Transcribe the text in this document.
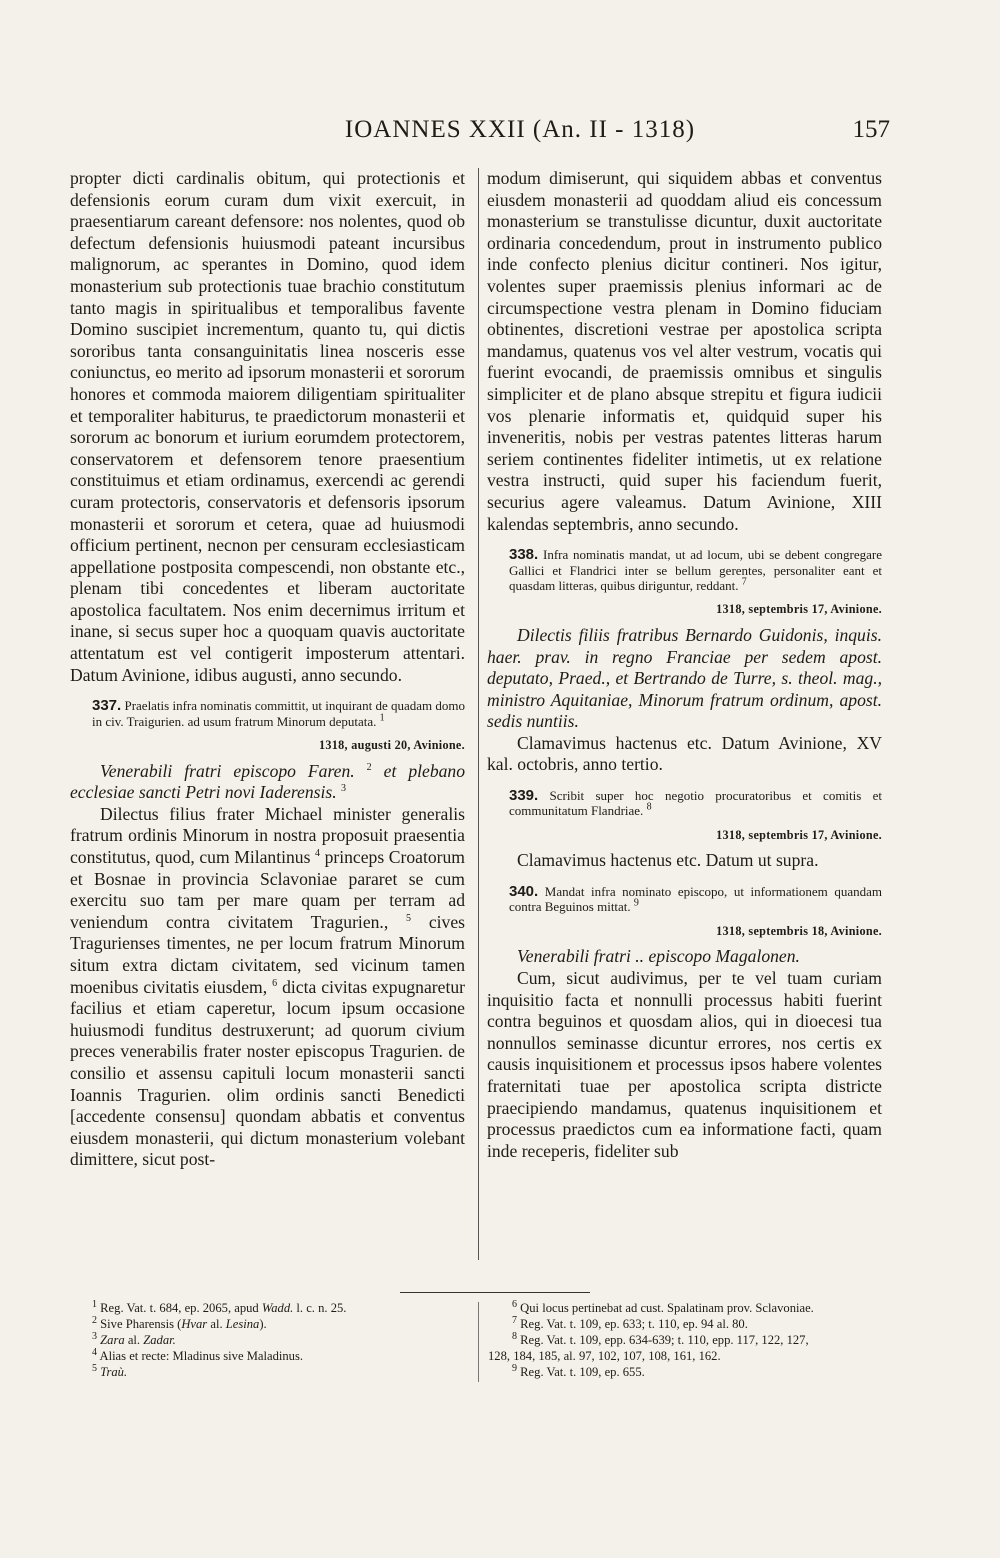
IOANNES XXII (An. II - 1318)	157

propter dicti cardinalis obitum, qui protectionis et defensionis eorum curam dum vixit exercuit, in praesentiarum careant defensore: nos nolentes, quod ob defectum defensionis huiusmodi pateant incursibus malignorum, ac sperantes in Domino, quod idem monasterium sub protectionis tuae brachio constitutum tanto magis in spiritualibus et temporalibus favente Domino suscipiet incrementum, quanto tu, qui dictis sororibus tanta consanguinitatis linea nosceris esse coniunctus, eo merito ad ipsorum monasterii et sororum honores et commoda maiorem diligentiam spiritualiter et temporaliter habiturus, te praedictorum monasterii et sororum ac bonorum et iurium eorumdem protectorem, conservatorem et defensorem tenore praesentium constituimus et etiam ordinamus, exercendi ac gerendi curam protectoris, conservatoris et defensoris ipsorum monasterii et sororum et cetera, quae ad huiusmodi officium pertinent, necnon per censuram ecclesiasticam appellatione postposita compescendi, non obstante etc., plenam tibi concedentes et liberam auctoritate apostolica facultatem. Nos enim decernimus irritum et inane, si secus super hoc a quoquam quavis auctoritate attentatum est vel contigerit imposterum attentari. Datum Avinione, idibus augusti, anno secundo.

337. Praelatis infra nominatis committit, ut inquirant de quadam domo in civ. Traigurien. ad usum fratrum Minorum deputata. $^1$

1318, augusti 20, Avinione.

Venerabili fratri episcopo Faren. $^2$ et plebano ecclesiae sancti Petri novi Iaderensis. $^3$

Dilectus filius frater Michael minister generalis fratrum ordinis Minorum in nostra proposuit praesentia constitutus, quod, cum Milantinus $^4$ princeps Croatorum et Bosnae in provincia Sclavoniae pararet se cum exercitu suo tam per mare quam per terram ad veniendum contra civitatem Tragurien., $^5$ cives Tragurienses timentes, ne per locum fratrum Minorum situm extra dictam civitatem, sed vicinum tamen moenibus civitatis eiusdem, $^6$ dicta civitas expugnaretur facilius et etiam caperetur, locum ipsum occasione huiusmodi funditus destruxerunt; ad quorum civium preces venerabilis frater noster episcopus Tragurien. de consilio et assensu capituli locum monasterii sancti Ioannis Tragurien. olim ordinis sancti Benedicti [accedente consensu] quondam abbatis et conventus eiusdem monasterii, qui dictum monasterium volebant dimittere, sicut post-

modum dimiserunt, qui siquidem abbas et conventus eiusdem monasterii ad quoddam aliud eis concessum monasterium se transtulisse dicuntur, duxit auctoritate ordinaria concedendum, prout in instrumento publico inde confecto plenius dicitur contineri. Nos igitur, volentes super praemissis plenius informari ac de circumspectione vestra plenam in Domino fiduciam obtinentes, discretioni vestrae per apostolica scripta mandamus, quatenus vos vel alter vestrum, vocatis qui fuerint evocandi, de praemissis omnibus et singulis simpliciter et de plano absque strepitu et figura iudicii vos plenarie informatis et, quidquid super his inveneritis, nobis per vestras patentes litteras harum seriem continentes fideliter intimetis, ut ex relatione vestra instructi, quid super his faciendum fuerit, securius agere valeamus. Datum Avinione, XIII kalendas septembris, anno secundo.

338. Infra nominatis mandat, ut ad locum, ubi se debent congregare Gallici et Flandrici inter se bellum gerentes, personaliter eant et quasdam litteras, quibus diriguntur, reddant. $^7$

1318, septembris 17, Avinione.

Dilectis filiis fratribus Bernardo Guidonis, inquis. haer. prav. in regno Franciae per sedem apost. deputato, Praed., et Bertrando de Turre, s. theol. mag., ministro Aquitaniae, Minorum fratrum ordinum, apost. sedis nuntiis.

Clamavimus hactenus etc. Datum Avinione, XV kal. octobris, anno tertio.

339. Scribit super hoc negotio procuratoribus et comitis et communitatum Flandriae. $^8$

1318, septembris 17, Avinione.

Clamavimus hactenus etc. Datum ut supra.

340. Mandat infra nominato episcopo, ut informationem quandam contra Beguinos mittat. $^9$

1318, septembris 18, Avinione.

Venerabili fratri .. episcopo Magalonen.

Cum, sicut audivimus, per te vel tuam curiam inquisitio facta et nonnulli processus habiti fuerint contra beguinos et quosdam alios, qui in dioecesi tua nonnullos seminasse dicuntur errores, nos certis ex causis inquisitionem et processus ipsos habere volentes fraternitati tuae per apostolica scripta districte praecipiendo mandamus, quatenus inquisitionem et processus praedictos cum ea informatione facti, quam inde receperis, fideliter sub

$^1$ Reg. Vat. t. 684, ep. 2065, apud Wadd. l. c. n. 25.

$^2$ Sive Pharensis (Hvar al. Lesina).

$^3$ Zara al. Zadar.

$^4$ Alias et recte: Mladinus sive Maladinus.

$^5$ Traù.

$^6$ Qui locus pertinebat ad cust. Spalatinam prov. Sclavoniae.

$^7$ Reg. Vat. t. 109, ep. 633; t. 110, ep. 94 al. 80.

$^8$ Reg. Vat. t. 109, epp. 634-639; t. 110, epp. 117, 122, 127,

128, 184, 185, al. 97, 102, 107, 108, 161, 162.

$^9$ Reg. Vat. t. 109, ep. 655.
